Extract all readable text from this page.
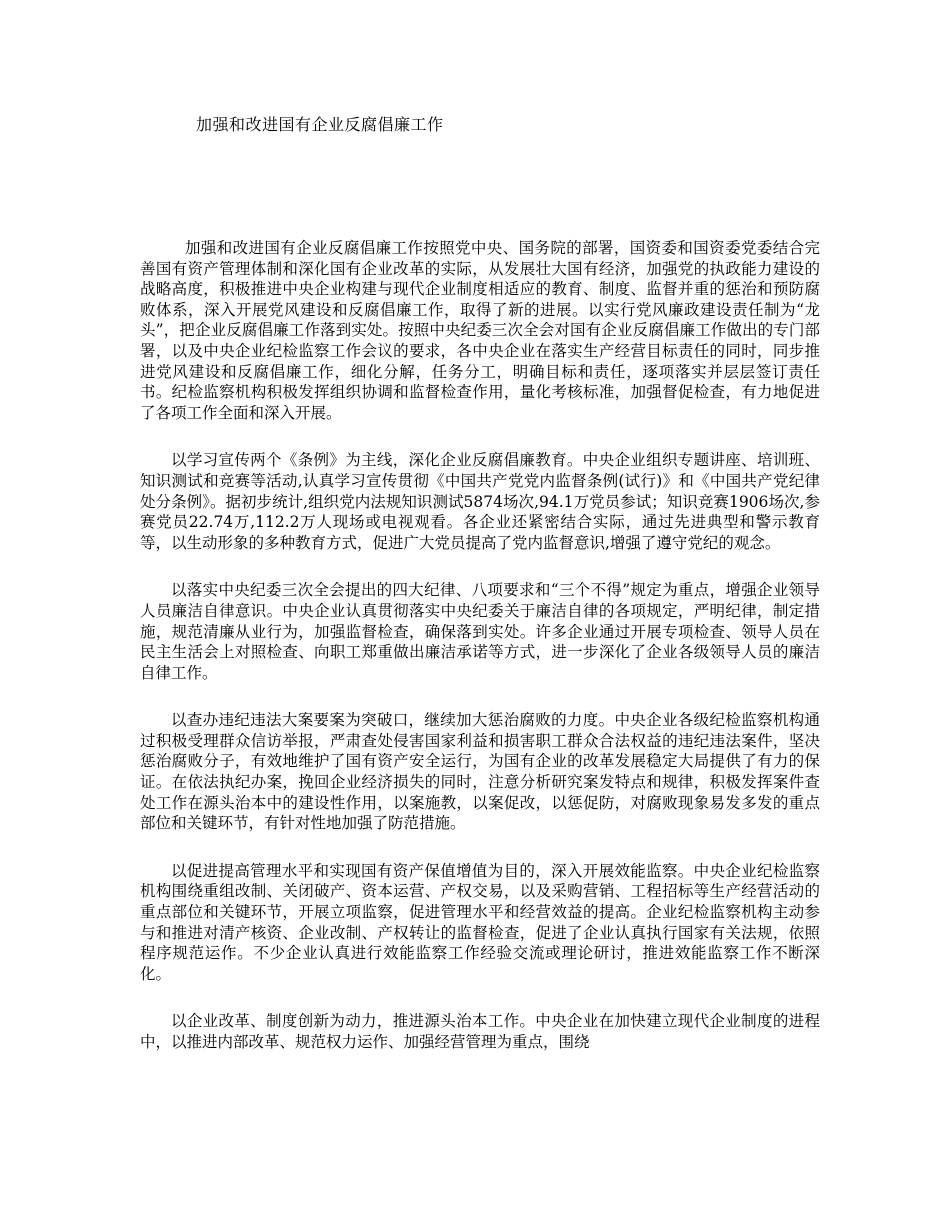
加强和改进国有企业反腐倡廉工作

加强和改进国有企业反腐倡廉工作按照党中央、国务院的部署，国资委和国资委党委结合完善国有资产管理体制和深化国有企业改革的实际，从发展壮大国有经济，加强党的执政能力建设的战略高度，积极推进中央企业构建与现代企业制度相适应的教育、制度、监督并重的惩治和预防腐败体系，深入开展党风建设和反腐倡廉工作，取得了新的进展。以实行党风廉政建设责任制为“龙头”，把企业反腐倡廉工作落到实处。按照中央纪委三次全会对国有企业反腐倡廉工作做出的专门部署，以及中央企业纪检监察工作会议的要求，各中央企业在落实生产经营目标责任的同时，同步推进党风建设和反腐倡廉工作，细化分解，任务分工，明确目标和责任，逐项落实并层层签订责任书。纪检监察机构积极发挥组织协调和监督检查作用，量化考核标准，加强督促检查，有力地促进了各项工作全面和深入开展。

以学习宣传两个《条例》为主线，深化企业反腐倡廉教育。中央企业组织专题讲座、培训班、知识测试和竞赛等活动,认真学习宣传贯彻《中国共产党党内监督条例(试行)》和《中国共产党纪律处分条例》。据初步统计,组织党内法规知识测试5874场次,94.1万党员参试；知识竞赛1906场次,参赛党员22.74万,112.2万人现场或电视观看。各企业还紧密结合实际，通过先进典型和警示教育等，以生动形象的多种教育方式，促进广大党员提高了党内监督意识,增强了遵守党纪的观念。

以落实中央纪委三次全会提出的四大纪律、八项要求和“三个不得”规定为重点，增强企业领导人员廉洁自律意识。中央企业认真贯彻落实中央纪委关于廉洁自律的各项规定，严明纪律，制定措施，规范清廉从业行为，加强监督检查，确保落到实处。许多企业通过开展专项检查、领导人员在民主生活会上对照检查、向职工郑重做出廉洁承诺等方式，进一步深化了企业各级领导人员的廉洁自律工作。

以查办违纪违法大案要案为突破口，继续加大惩治腐败的力度。中央企业各级纪检监察机构通过积极受理群众信访举报，严肃查处侵害国家利益和损害职工群众合法权益的违纪违法案件，坚决惩治腐败分子，有效地维护了国有资产安全运行，为国有企业的改革发展稳定大局提供了有力的保证。在依法执纪办案，挽回企业经济损失的同时，注意分析研究案发特点和规律，积极发挥案件查处工作在源头治本中的建设性作用，以案施教，以案促改，以惩促防，对腐败现象易发多发的重点部位和关键环节，有针对性地加强了防范措施。

以促进提高管理水平和实现国有资产保值增值为目的，深入开展效能监察。中央企业纪检监察机构围绕重组改制、关闭破产、资本运营、产权交易，以及采购营销、工程招标等生产经营活动的重点部位和关键环节，开展立项监察，促进管理水平和经营效益的提高。企业纪检监察机构主动参与和推进对清产核资、企业改制、产权转让的监督检查，促进了企业认真执行国家有关法规，依照程序规范运作。不少企业认真进行效能监察工作经验交流或理论研讨，推进效能监察工作不断深化。

以企业改革、制度创新为动力，推进源头治本工作。中央企业在加快建立现代企业制度的进程中，以推进内部改革、规范权力运作、加强经营管理为重点，围绕
